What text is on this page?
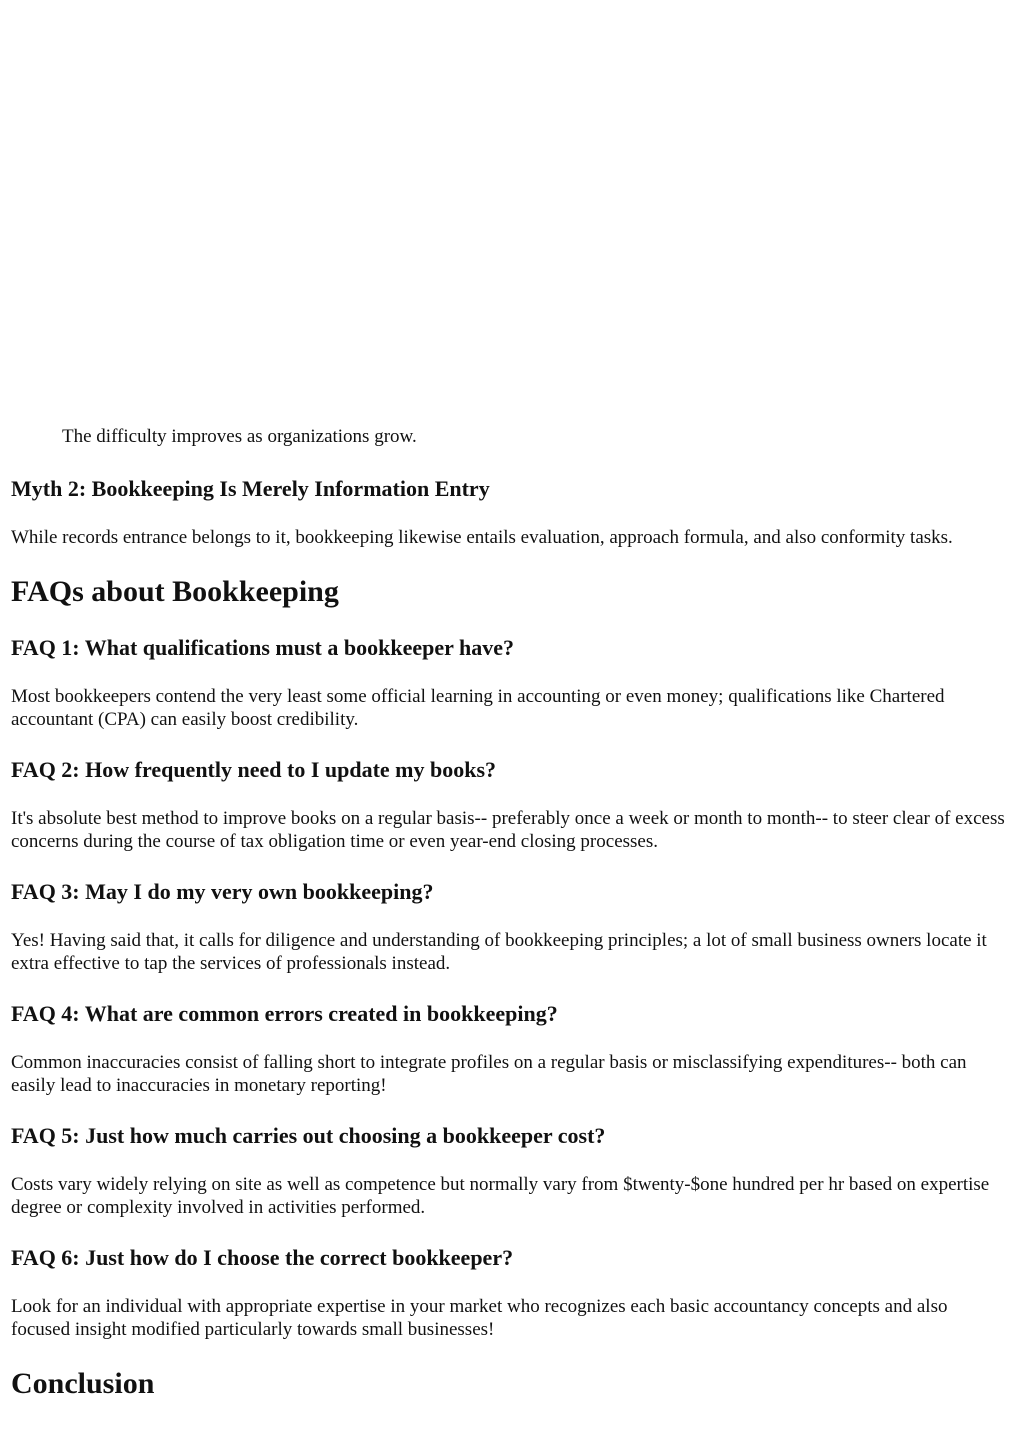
The difficulty improves as organizations grow.

Myth 2: Bookkeeping Is Merely Information Entry

While records entrance belongs to it, bookkeeping likewise entails evaluation, approach formula, and also conformity tasks.

FAQs about Bookkeeping
FAQ 1: What qualifications must a bookkeeper have?

Most bookkeepers contend the very least some official learning in accounting or even money; qualifications like Chartered accountant (CPA) can easily boost credibility.

FAQ 2: How frequently need to I update my books?

It's absolute best method to improve books on a regular basis-- preferably once a week or month to month-- to steer clear of excess concerns during the course of tax obligation time or even year-end closing processes.

FAQ 3: May I do my very own bookkeeping?

Yes! Having said that, it calls for diligence and understanding of bookkeeping principles; a lot of small business owners locate it extra effective to tap the services of professionals instead.

FAQ 4: What are common errors created in bookkeeping?

Common inaccuracies consist of falling short to integrate profiles on a regular basis or misclassifying expenditures-- both can easily lead to inaccuracies in monetary reporting!

FAQ 5: Just how much carries out choosing a bookkeeper cost?

Costs vary widely relying on site as well as competence but normally vary from $twenty-$one hundred per hr based on expertise degree or complexity involved in activities performed.

FAQ 6: Just how do I choose the correct bookkeeper?

Look for an individual with appropriate expertise in your market who recognizes each basic accountancy concepts and also focused insight modified particularly towards small businesses!

Conclusion
